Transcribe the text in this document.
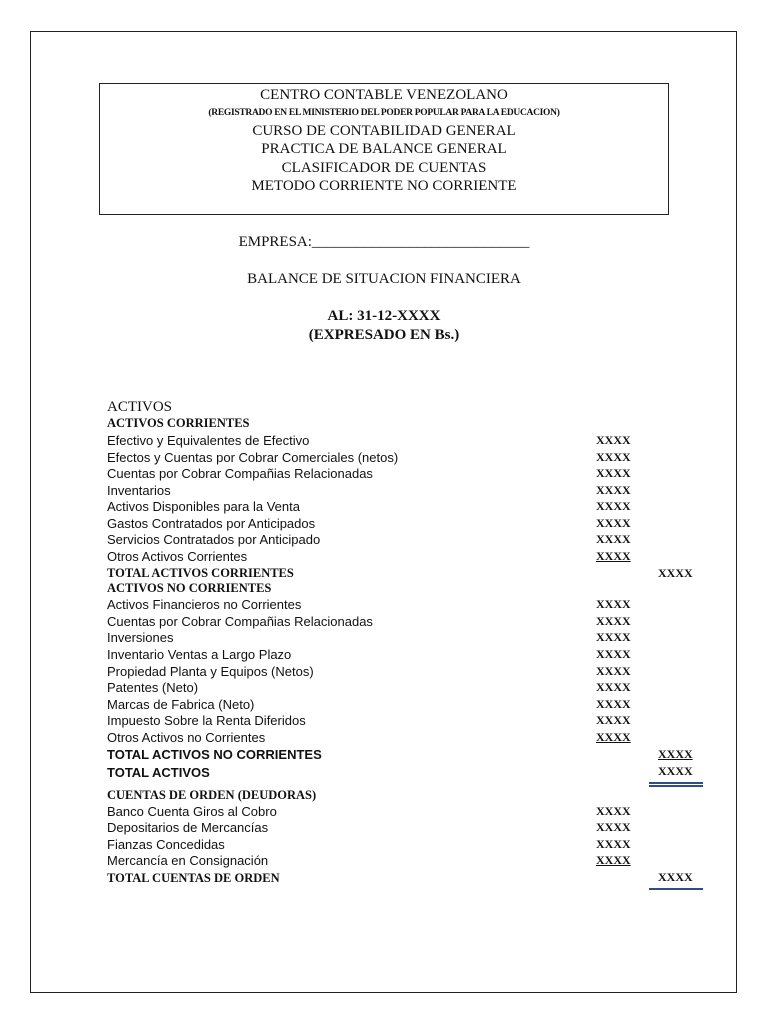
CENTRO CONTABLE VENEZOLANO
(REGISTRADO EN EL MINISTERIO DEL PODER POPULAR PARA LA EDUCACION)
CURSO DE CONTABILIDAD GENERAL
PRACTICA DE BALANCE GENERAL
CLASIFICADOR DE CUENTAS
METODO CORRIENTE NO CORRIENTE
EMPRESA:_____________________________
BALANCE DE SITUACION FINANCIERA
AL: 31-12-XXXX
(EXPRESADO EN Bs.)
ACTIVOS
ACTIVOS CORRIENTES
Efectivo y Equivalentes de Efectivo	XXXX
Efectos y Cuentas por Cobrar Comerciales (netos)	XXXX
Cuentas por Cobrar Compañias Relacionadas	XXXX
Inventarios	XXXX
Activos Disponibles para la Venta	XXXX
Gastos Contratados por Anticipados	XXXX
Servicios Contratados por Anticipado	XXXX
Otros Activos Corrientes	XXXX
TOTAL ACTIVOS CORRIENTES	XXXX
ACTIVOS NO CORRIENTES
Activos Financieros no Corrientes	XXXX
Cuentas por Cobrar Compañias Relacionadas	XXXX
Inversiones	XXXX
Inventario Ventas a Largo Plazo	XXXX
Propiedad Planta y Equipos (Netos)	XXXX
Patentes (Neto)	XXXX
Marcas de Fabrica (Neto)	XXXX
Impuesto Sobre la Renta Diferidos	XXXX
Otros Activos no Corrientes	XXXX
TOTAL ACTIVOS NO CORRIENTES	XXXX
TOTAL ACTIVOS	XXXX
CUENTAS DE ORDEN (DEUDORAS)
Banco Cuenta Giros al Cobro	XXXX
Depositarios de Mercancías	XXXX
Fianzas Concedidas	XXXX
Mercancía en Consignación	XXXX
TOTAL CUENTAS DE ORDEN	XXXX
